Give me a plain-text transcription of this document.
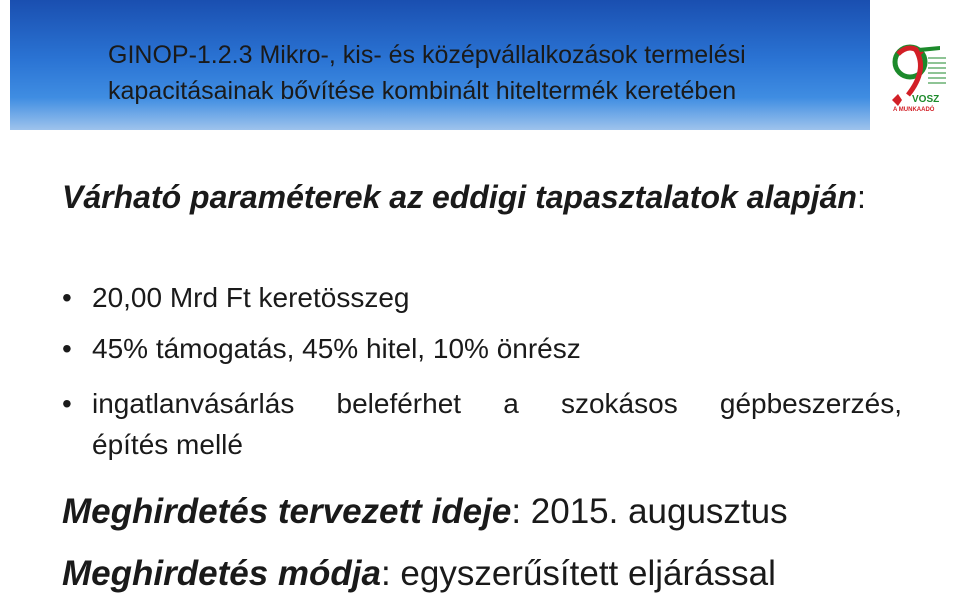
GINOP-1.2.3 Mikro-, kis- és középvállalkozások termelési
kapacitásainak bővítése kombinált hiteltermék keretében	VOSZ
A MUNKAADÓ
Várható paraméterek az eddigi tapasztalatok alapján:
• 20,00 Mrd Ft keretösszeg
• 45% támogatás, 45% hitel, 10% önrész
• ingatlanvásárlás beleférhet a szokásos gépbeszerzés,
építés mellé
Meghirdetés tervezett ideje: 2015. augusztus
Meghirdetés módja: egyszerűsített eljárással
